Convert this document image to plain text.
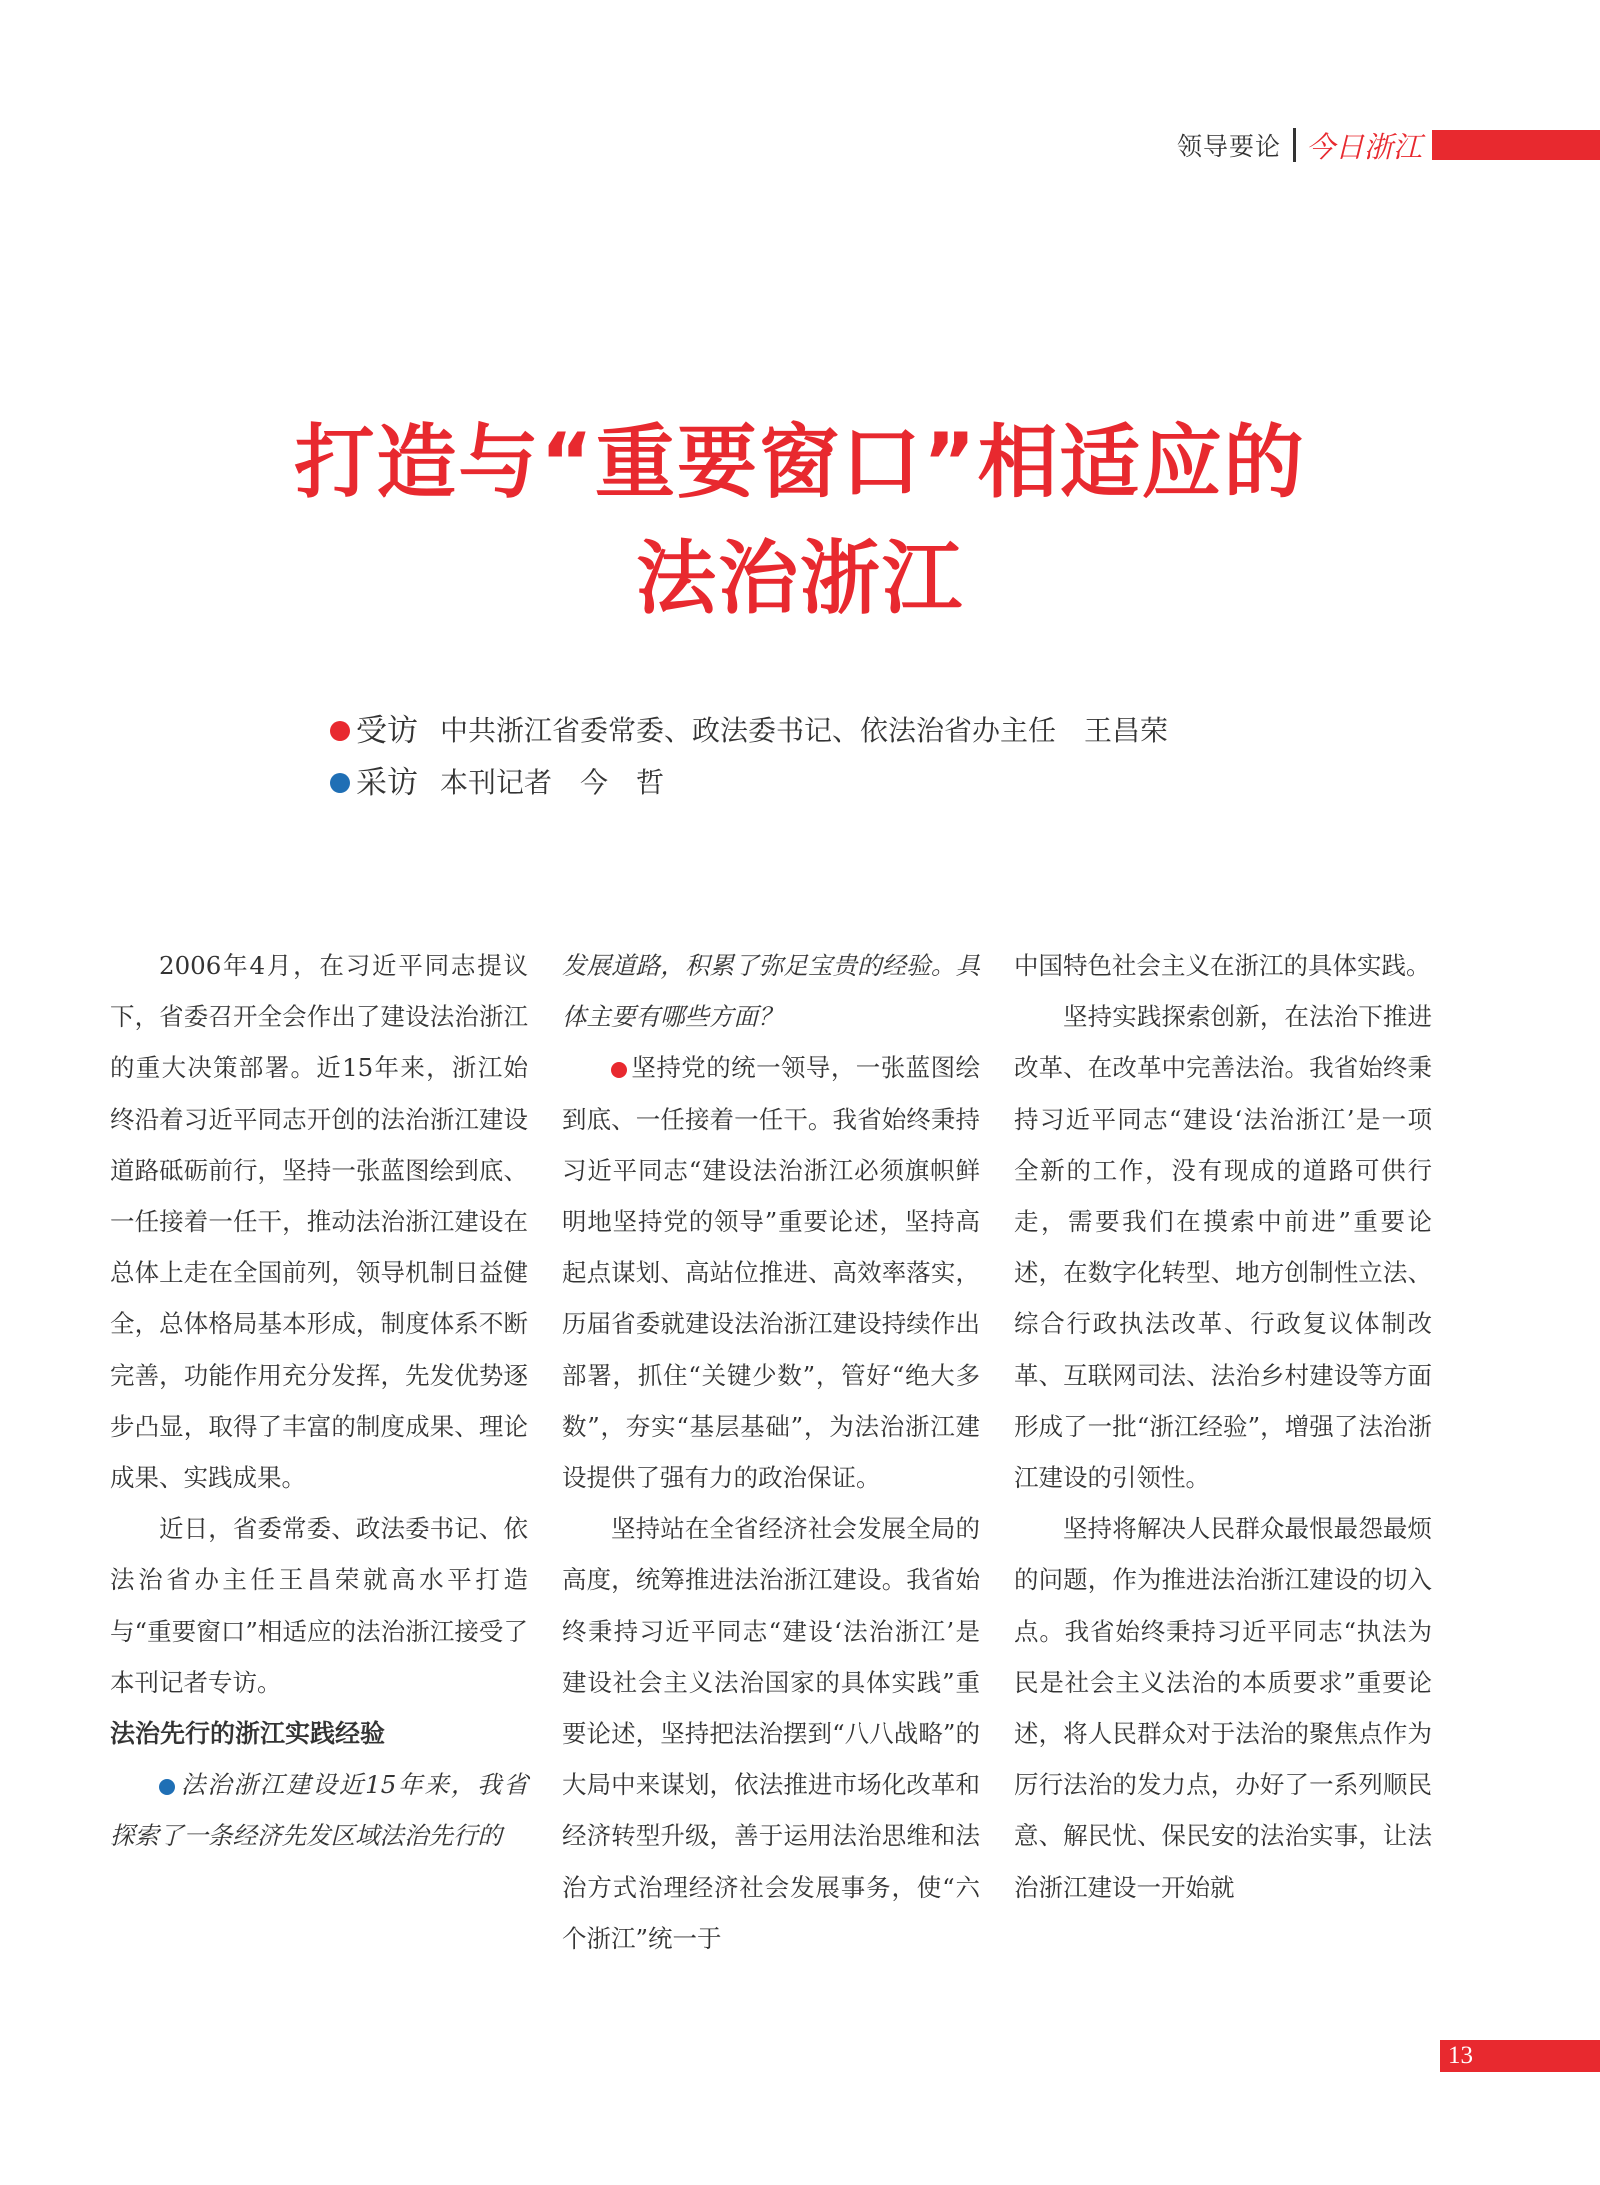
领导要论 今日浙江
打造与“重要窗口”相适应的
法治浙江
受访 中共浙江省委常委、政法委书记、依法治省办主任　王昌荣
采访 本刊记者　今　哲

2006年4月，在习近平同志提议下，省委召开全会作出了建设法治浙江的重大决策部署。近15年来，浙江始终沿着习近平同志开创的法治浙江建设道路砥砺前行，坚持一张蓝图绘到底、一任接着一任干，推动法治浙江建设在总体上走在全国前列，领导机制日益健全，总体格局基本形成，制度体系不断完善，功能作用充分发挥，先发优势逐步凸显，取得了丰富的制度成果、理论成果、实践成果。

近日，省委常委、政法委书记、依法治省办主任王昌荣就高水平打造与“重要窗口”相适应的法治浙江接受了本刊记者专访。

法治先行的浙江实践经验

法治浙江建设近15年来，我省探索了一条经济先发区域法治先行的

发展道路，积累了弥足宝贵的经验。具体主要有哪些方面？

坚持党的统一领导，一张蓝图绘到底、一任接着一任干。我省始终秉持习近平同志“建设法治浙江必须旗帜鲜明地坚持党的领导”重要论述，坚持高起点谋划、高站位推进、高效率落实，历届省委就建设法治浙江建设持续作出部署，抓住“关键少数”，管好“绝大多数”，夯实“基层基础”，为法治浙江建设提供了强有力的政治保证。

坚持站在全省经济社会发展全局的高度，统筹推进法治浙江建设。我省始终秉持习近平同志“建设‘法治浙江’是建设社会主义法治国家的具体实践”重要论述，坚持把法治摆到“八八战略”的大局中来谋划，依法推进市场化改革和经济转型升级，善于运用法治思维和法治方式治理经济社会发展事务，使“六个浙江”统一于

中国特色社会主义在浙江的具体实践。

坚持实践探索创新，在法治下推进改革、在改革中完善法治。我省始终秉持习近平同志“建设‘法治浙江’是一项全新的工作，没有现成的道路可供行走，需要我们在摸索中前进”重要论述，在数字化转型、地方创制性立法、综合行政执法改革、行政复议体制改革、互联网司法、法治乡村建设等方面形成了一批“浙江经验”，增强了法治浙江建设的引领性。

坚持将解决人民群众最恨最怨最烦的问题，作为推进法治浙江建设的切入点。我省始终秉持习近平同志“执法为民是社会主义法治的本质要求”重要论述，将人民群众对于法治的聚焦点作为厉行法治的发力点，办好了一系列顺民意、解民忧、保民安的法治实事，让法治浙江建设一开始就

13
